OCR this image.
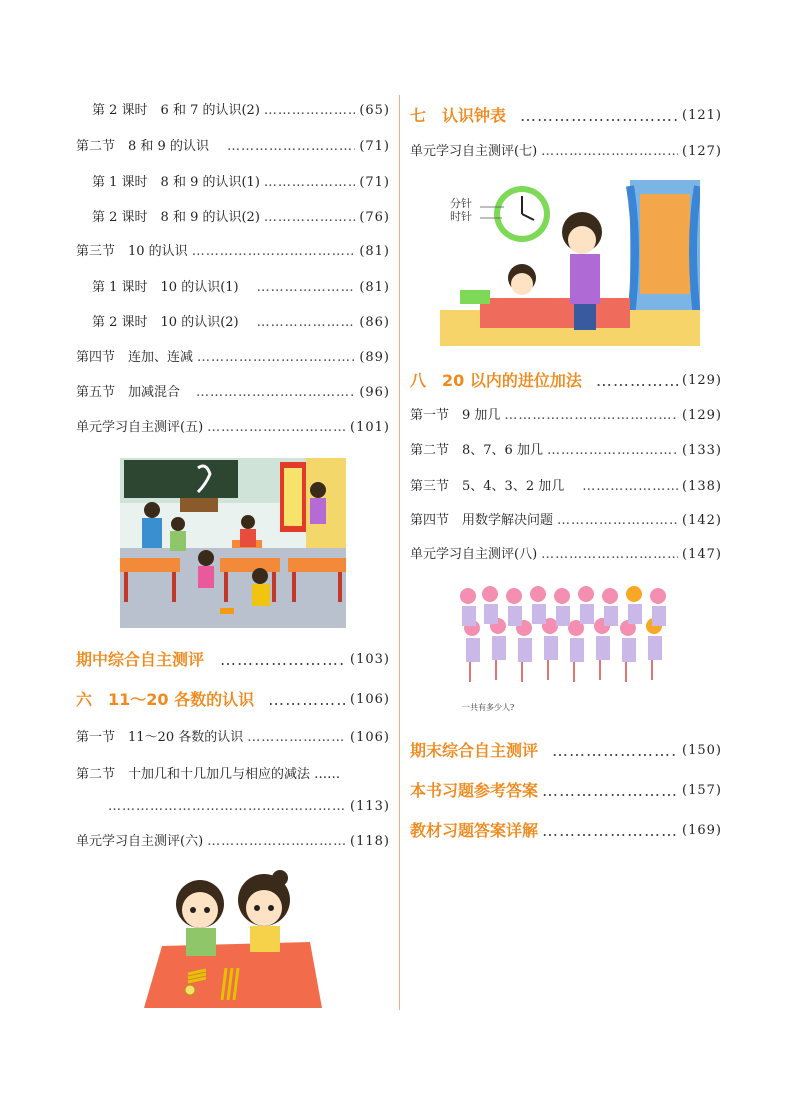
第 2 课时　6 和 7 的认识(2) …………………………………………………………………………………………………………	(65)
第二节　8 和 9 的认识 …………………………………………………………………………………………………………	(71)
第 1 课时　8 和 9 的认识(1) …………………………………………………………………………………………………………	(71)
第 2 课时　8 和 9 的认识(2) …………………………………………………………………………………………………………	(76)
第三节　10 的认识 …………………………………………………………………………………………………………	(81)
第 1 课时　10 的认识(1) …………………………………………………………………………………………………………	(81)
第 2 课时　10 的认识(2) …………………………………………………………………………………………………………	(86)
第四节　连加、连减 …………………………………………………………………………………………………………	(89)
第五节　加减混合 …………………………………………………………………………………………………………	(96)
单元学习自主测评(五) …………………………………………………………………………………………………………	(101)
期中综合自主测评 …………………………………………………………………………………………………………	(103)
六　11～20 各数的认识 …………………………………………………………………………………………………………	(106)
第一节　11～20 各数的认识 …………………………………………………………………………………………………………	(106)
第二节　十加几和十几加几与相应的减法 ……
…………………………………………………………………………………………………………
(113)
单元学习自主测评(六) …………………………………………………………………………………………………………	(118)
七　认识钟表 …………………………………………………………………………………………………………	(121)
单元学习自主测评(七) …………………………………………………………………………………………………………	(127)
分针
时针
八　20 以内的进位加法 …………………………………………………………………………………………………………	(129)
第一节　9 加几 …………………………………………………………………………………………………………	(129)
第二节　8、7、6 加几 …………………………………………………………………………………………………………	(133)
第三节　5、4、3、2 加几 …………………………………………………………………………………………………………	(138)
第四节　用数学解决问题 …………………………………………………………………………………………………………	(142)
单元学习自主测评(八) …………………………………………………………………………………………………………	(147)
一共有多少人?
期末综合自主测评 …………………………………………………………………………………………………………	(150)
本书习题参考答案 …………………………………………………………………………………………………………	(157)
教材习题答案详解 …………………………………………………………………………………………………………	(169)
